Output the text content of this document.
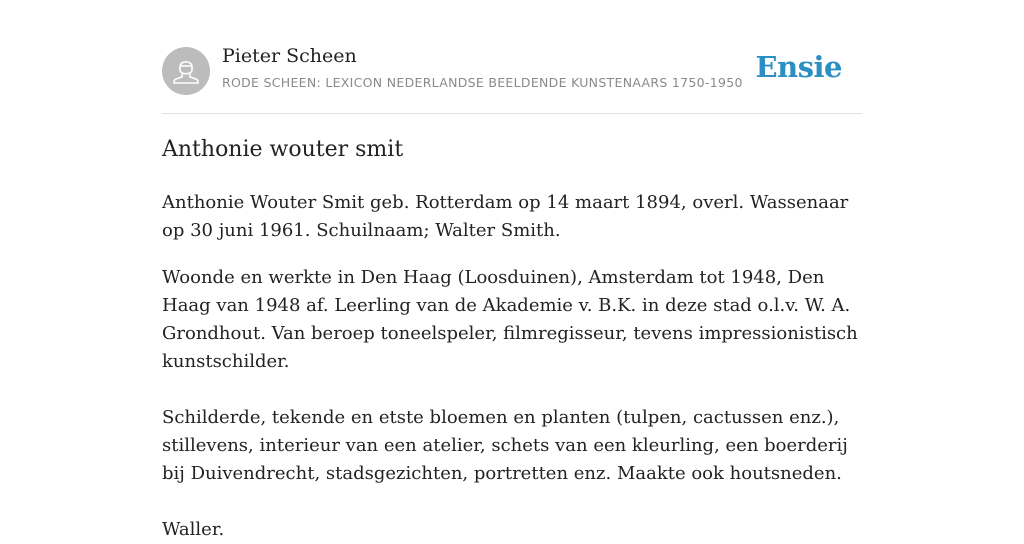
Pieter Scheen
RODE SCHEEN: LEXICON NEDERLANDSE BEELDENDE KUNSTENAARS 1750-1950 Ensie
Anthonie wouter smit

Anthonie Wouter Smit geb. Rotterdam op 14 maart 1894, overl. Wassenaar op 30 juni 1961. Schuilnaam; Walter Smith.

Woonde en werkte in Den Haag (Loosduinen), Amsterdam tot 1948, Den Haag van 1948 af. Leerling van de Akademie v. B.K. in deze stad o.l.v. W. A. Grondhout. Van beroep toneelspeler, filmregisseur, tevens impressionistisch kunstschilder.

Schilderde, tekende en etste bloemen en planten (tulpen, cactussen enz.), stillevens, interieur van een atelier, schets van een kleurling, een boerderij bij Duivendrecht, stadsgezichten, portretten enz. Maakte ook houtsneden.

Waller.
